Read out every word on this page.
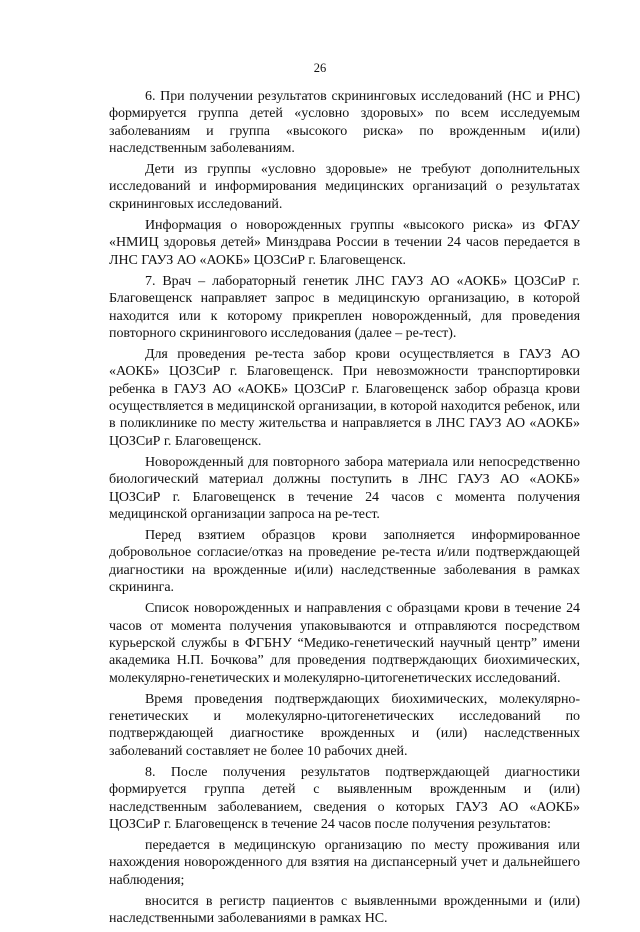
26

6. При получении результатов скрининговых исследований (НС и РНС) формируется группа детей «условно здоровых» по всем исследуемым заболеваниям и группа «высокого риска» по врожденным и(или) наследственным заболеваниям.

Дети из группы «условно здоровые» не требуют дополнительных исследований и информирования медицинских организаций о результатах скрининговых исследований.

Информация о новорожденных группы «высокого риска» из ФГАУ «НМИЦ здоровья детей» Минздрава России в течении 24 часов передается в ЛНС ГАУЗ АО «АОКБ» ЦОЗСиР г. Благовещенск.

7. Врач – лабораторный генетик ЛНС ГАУЗ АО «АОКБ» ЦОЗСиР г. Благовещенск направляет запрос в медицинскую организацию, в которой находится или к которому прикреплен новорожденный, для проведения повторного скринингового исследования (далее – ре-тест).

Для проведения ре-теста забор крови осуществляется в ГАУЗ АО «АОКБ» ЦОЗСиР г. Благовещенск. При невозможности транспортировки ребенка в ГАУЗ АО «АОКБ» ЦОЗСиР г. Благовещенск забор образца крови осуществляется в медицинской организации, в которой находится ребенок, или в поликлинике по месту жительства и направляется в ЛНС ГАУЗ АО «АОКБ» ЦОЗСиР г. Благовещенск.

Новорожденный для повторного забора материала или непосредственно биологический материал должны поступить в ЛНС ГАУЗ АО «АОКБ» ЦОЗСиР г. Благовещенск в течение 24 часов с момента получения медицинской организации запроса на ре-тест.

Перед взятием образцов крови заполняется информированное добровольное согласие/отказ на проведение ре-теста и/или подтверждающей диагностики на врожденные и(или) наследственные заболевания в рамках скрининга.

Список новорожденных и направления с образцами крови в течение 24 часов от момента получения упаковываются и отправляются посредством курьерской службы в ФГБНУ “Медико-генетический научный центр” имени академика Н.П. Бочкова” для проведения подтверждающих биохимических, молекулярно-генетических и молекулярно-цитогенетических исследований.

Время проведения подтверждающих биохимических, молекулярно-генетических и молекулярно-цитогенетических исследований по подтверждающей диагностике врожденных и (или) наследственных заболеваний составляет не более 10 рабочих дней.

8. После получения результатов подтверждающей диагностики формируется группа детей с выявленным врожденным и (или) наследственным заболеванием, сведения о которых ГАУЗ АО «АОКБ» ЦОЗСиР г. Благовещенск в течение 24 часов после получения результатов:

передается в медицинскую организацию по месту проживания или нахождения новорожденного для взятия на диспансерный учет и дальнейшего наблюдения;

вносится в регистр пациентов с выявленными врожденными и (или) наследственными заболеваниями в рамках НС.
